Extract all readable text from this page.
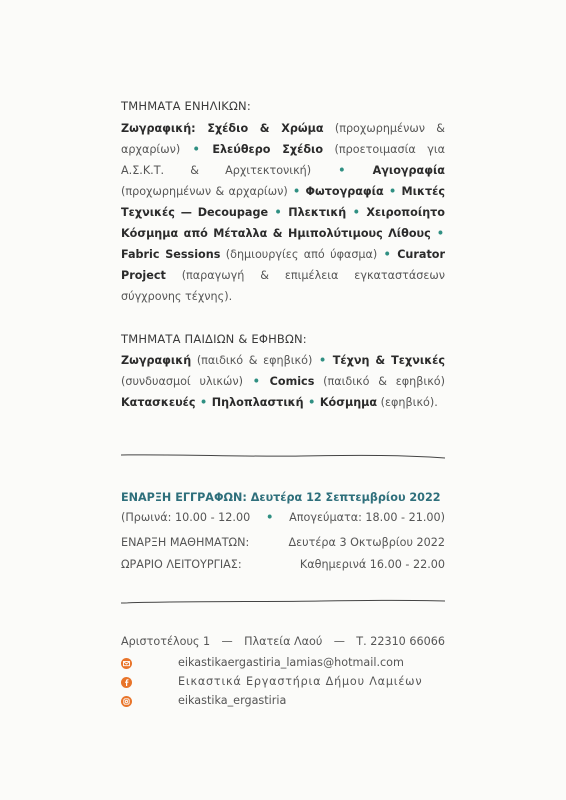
ΤΜΗΜΑΤΑ ΕΝΗΛΙΚΩΝ:
Ζωγραφική: Σχέδιο & Χρώμα (προχωρημένων & αρχαρίων) • Ελεύθερο Σχέδιο (προετοιμασία για Α.Σ.Κ.Τ. & Αρχιτεκτονική) • Αγιογραφία (προχωρημένων & αρχαρίων) • Φωτογραφία • Μικτές Τεχνικές — Decoupage • Πλεκτική • Χειροποίητο Κόσμημα από Μέταλλα & Ημιπολύτιμους Λίθους • Fabric Sessions (δημιουργίες από ύφασμα) • Curator Project (παραγωγή & επιμέλεια εγκαταστάσεων σύγχρονης τέχνης).
ΤΜΗΜΑΤΑ ΠΑΙΔΙΩΝ & ΕΦΗΒΩΝ:
Ζωγραφική (παιδικό & εφηβικό) • Τέχνη & Τεχνικές (συνδυασμοί υλικών) • Comics (παιδικό & εφηβικό) Κατασκευές • Πηλοπλαστική • Κόσμημα (εφηβικό).
ΕΝΑΡΞΗ ΕΓΓΡΑΦΩΝ: Δευτέρα 12 Σεπτεμβρίου 2022
(Πρωινά: 10.00 - 12.00 • Απογεύματα: 18.00 - 21.00)
ΕΝΑΡΞΗ ΜΑΘΗΜΑΤΩΝ:	Δευτέρα 3 Οκτωβρίου 2022
ΩΡΑΡΙΟ ΛΕΙΤΟΥΡΓΙΑΣ:	Καθημερινά 16.00 - 22.00
Αριστοτέλους 1 — Πλατεία Λαού — Τ. 22310 66066
eikastikaergastiria_lamias@hotmail.com
Εικαστικά Εργαστήρια Δήμου Λαμιέων
eikastika_ergastiria
